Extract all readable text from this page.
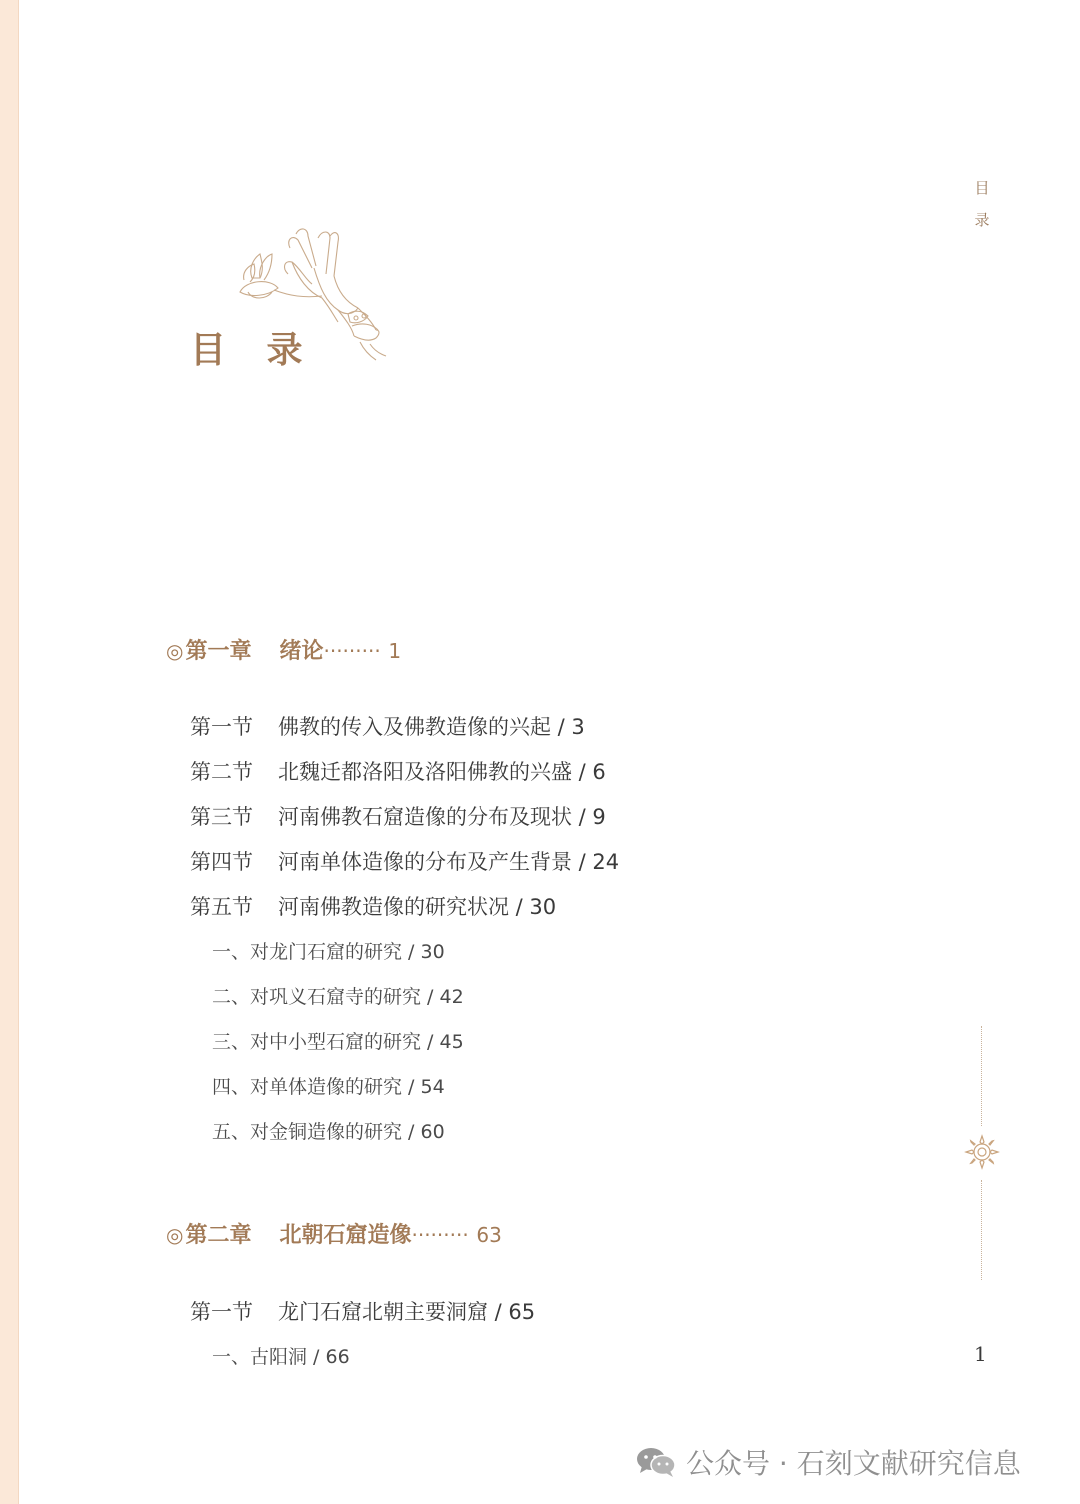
目
录
目 录
◎第一章 绪论········· 1
第一节 佛教的传入及佛教造像的兴起 / 3
第二节 北魏迁都洛阳及洛阳佛教的兴盛 / 6
第三节 河南佛教石窟造像的分布及现状 / 9
第四节 河南单体造像的分布及产生背景 / 24
第五节 河南佛教造像的研究状况 / 30
一、对龙门石窟的研究 / 30
二、对巩义石窟寺的研究 / 42
三、对中小型石窟的研究 / 45
四、对单体造像的研究 / 54
五、对金铜造像的研究 / 60
◎第二章 北朝石窟造像········· 63
第一节 龙门石窟北朝主要洞窟 / 65
一、古阳洞 / 66	1
公众号 · 石刻文献研究信息
